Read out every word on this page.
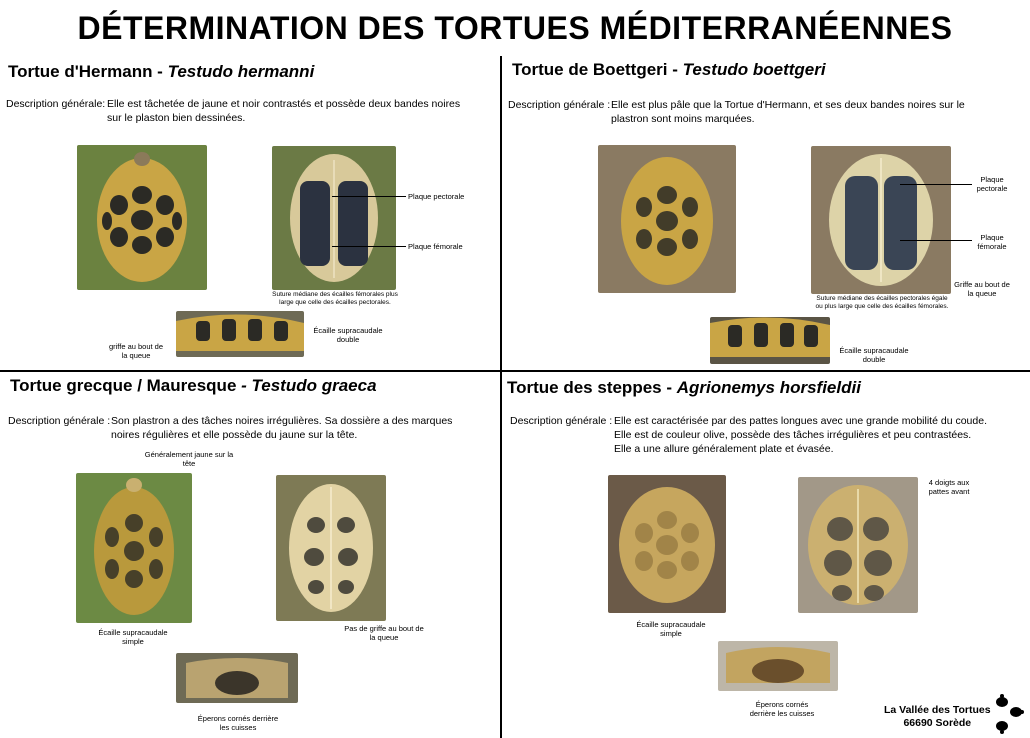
DÉTERMINATION DES TORTUES MÉDITERRANÉENNES
Tortue d'Hermann - Testudo hermanni
Description générale: Elle est tâchetée de jaune et noir contrastés et possède deux bandes noires sur le plaston bien dessinées.
Plaque pectorale
Plaque fémorale
Suture médiane des écailles fémorales plus large que celle des écailles pectorales.
griffe au bout de la queue
Écaille supracaudale double
Tortue de Boettgeri - Testudo boettgeri
Description générale : Elle est plus pâle que la Tortue d'Hermann, et ses deux bandes noires sur le plastron sont moins marquées.
Plaque pectorale
Plaque fémorale
Griffe au bout de la queue
Suture médiane des écailles pectorales égale ou plus large que celle des écailles fémorales.
Écaille supracaudale double
Tortue grecque / Mauresque - Testudo graeca
Description générale : Son plastron a des tâches noires irrégulières. Sa dossière a des marques noires régulières et elle possède du jaune sur la tête.
Généralement jaune sur la tête
Écaille supracaudale simple
Pas de griffe au bout de la queue
Éperons cornés derrière les cuisses
Tortue des steppes - Agrionemys horsfieldii
Description générale : Elle est caractérisée par des pattes longues avec une grande mobilité du coude. Elle est de couleur olive, possède des tâches irrégulières et peu contrastées. Elle a une allure généralement plate et évasée.
Écaille supracaudale simple
4 doigts aux pattes avant
Éperons cornés derrière les cuisses	La Vallée des Tortues
66690 Sorède
